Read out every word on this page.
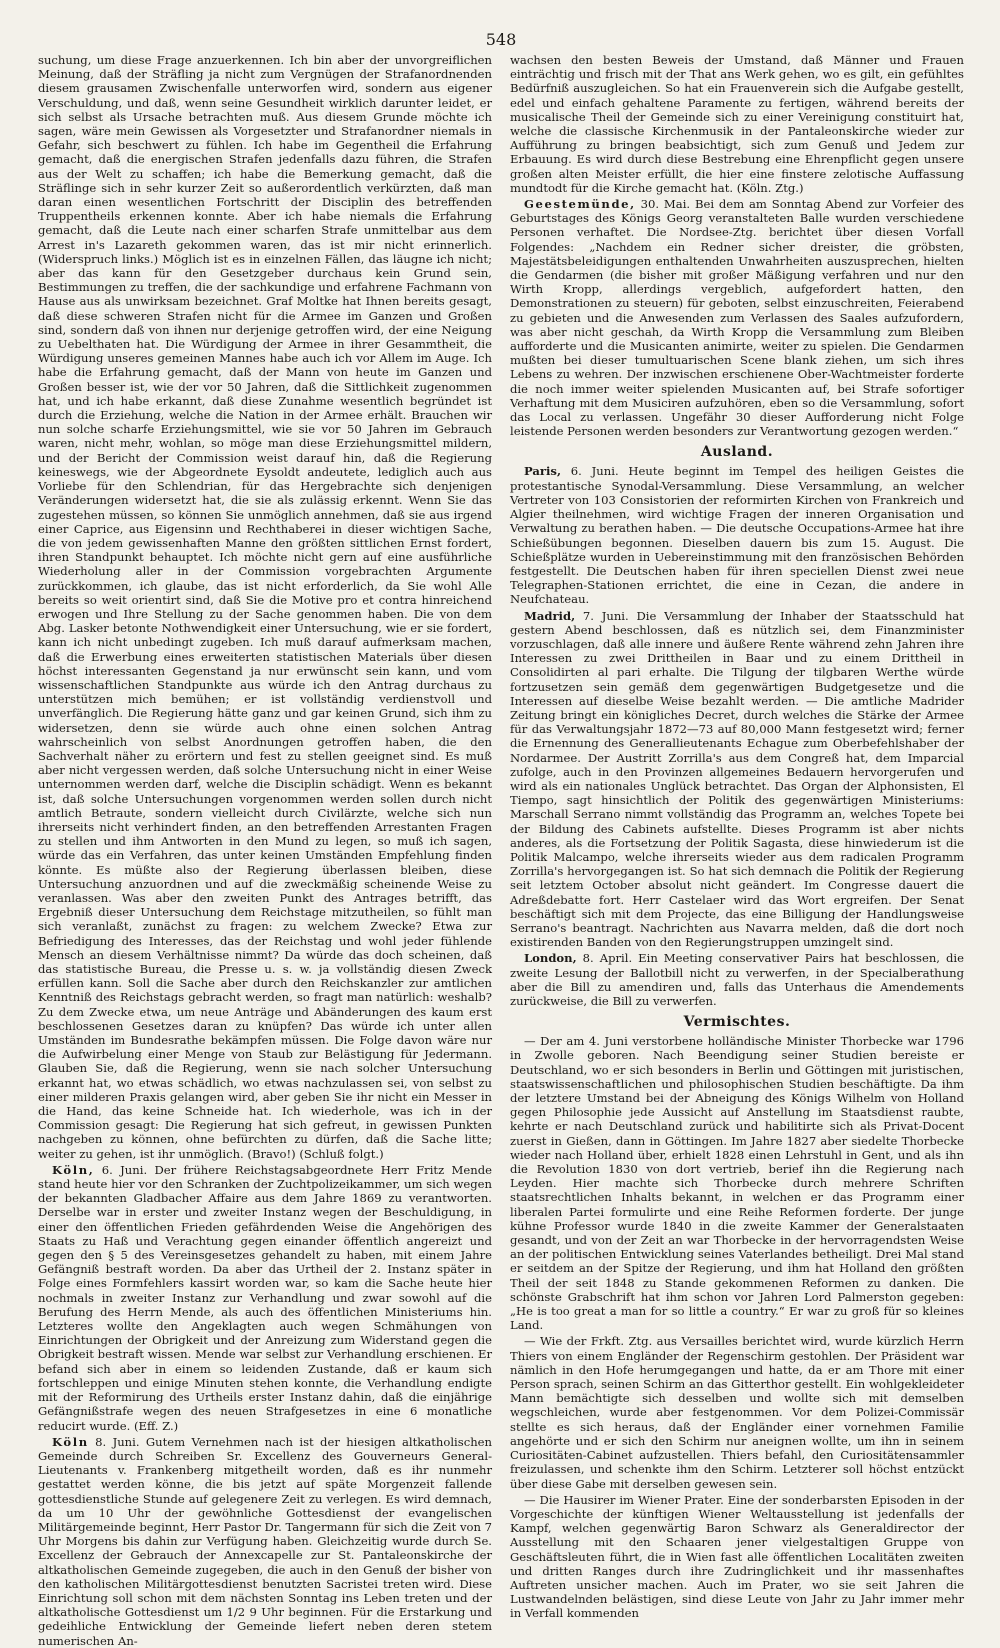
548

suchung, um diese Frage anzuerkennen. Ich bin aber der unvorgreiflichen Meinung, daß der Sträfling ja nicht zum Vergnügen der Strafanordnenden diesem grausamen Zwischenfalle unterworfen wird, sondern aus eigener Verschuldung, und daß, wenn seine Gesundheit wirklich darunter leidet, er sich selbst als Ursache betrachten muß. Aus diesem Grunde möchte ich sagen, wäre mein Gewissen als Vorgesetzter und Strafanordner niemals in Gefahr, sich beschwert zu fühlen. Ich habe im Gegentheil die Erfahrung gemacht, daß die energischen Strafen jedenfalls dazu führen, die Strafen aus der Welt zu schaffen; ich habe die Bemerkung gemacht, daß die Sträflinge sich in sehr kurzer Zeit so außerordentlich verkürzten, daß man daran einen wesentlichen Fortschritt der Disciplin des betreffenden Truppentheils erkennen konnte. Aber ich habe niemals die Erfahrung gemacht, daß die Leute nach einer scharfen Strafe unmittelbar aus dem Arrest in's Lazareth gekommen waren, das ist mir nicht erinnerlich. (Widerspruch links.) Möglich ist es in einzelnen Fällen, das läugne ich nicht; aber das kann für den Gesetzgeber durchaus kein Grund sein, Bestimmungen zu treffen, die der sachkundige und erfahrene Fachmann von Hause aus als unwirksam bezeichnet. Graf Moltke hat Ihnen bereits gesagt, daß diese schweren Strafen nicht für die Armee im Ganzen und Großen sind, sondern daß von ihnen nur derjenige getroffen wird, der eine Neigung zu Uebelthaten hat. Die Würdigung der Armee in ihrer Gesammtheit, die Würdigung unseres gemeinen Mannes habe auch ich vor Allem im Auge. Ich habe die Erfahrung gemacht, daß der Mann von heute im Ganzen und Großen besser ist, wie der vor 50 Jahren, daß die Sittlichkeit zugenommen hat, und ich habe erkannt, daß diese Zunahme wesentlich begründet ist durch die Erziehung, welche die Nation in der Armee erhält. Brauchen wir nun solche scharfe Erziehungsmittel, wie sie vor 50 Jahren im Gebrauch waren, nicht mehr, wohlan, so möge man diese Erziehungsmittel mildern, und der Bericht der Commission weist darauf hin, daß die Regierung keineswegs, wie der Abgeordnete Eysoldt andeutete, lediglich auch aus Vorliebe für den Schlendrian, für das Hergebrachte sich denjenigen Veränderungen widersetzt hat, die sie als zulässig erkennt. Wenn Sie das zugestehen müssen, so können Sie unmöglich annehmen, daß sie aus irgend einer Caprice, aus Eigensinn und Rechthaberei in dieser wichtigen Sache, die von jedem gewissenhaften Manne den größten sittlichen Ernst fordert, ihren Standpunkt behauptet. Ich möchte nicht gern auf eine ausführliche Wiederholung aller in der Commission vorgebrachten Argumente zurückkommen, ich glaube, das ist nicht erforderlich, da Sie wohl Alle bereits so weit orientirt sind, daß Sie die Motive pro et contra hinreichend erwogen und Ihre Stellung zu der Sache genommen haben. Die von dem Abg. Lasker betonte Nothwendigkeit einer Untersuchung, wie er sie fordert, kann ich nicht unbedingt zugeben. Ich muß darauf aufmerksam machen, daß die Erwerbung eines erweiterten statistischen Materials über diesen höchst interessanten Gegenstand ja nur erwünscht sein kann, und vom wissenschaftlichen Standpunkte aus würde ich den Antrag durchaus zu unterstützen mich bemühen; er ist vollständig verdienstvoll und unverfänglich. Die Regierung hätte ganz und gar keinen Grund, sich ihm zu widersetzen, denn sie würde auch ohne einen solchen Antrag wahrscheinlich von selbst Anordnungen getroffen haben, die den Sachverhalt näher zu erörtern und fest zu stellen geeignet sind. Es muß aber nicht vergessen werden, daß solche Untersuchung nicht in einer Weise unternommen werden darf, welche die Disciplin schädigt. Wenn es bekannt ist, daß solche Untersuchungen vorgenommen werden sollen durch nicht amtlich Betraute, sondern vielleicht durch Civilärzte, welche sich nun ihrerseits nicht verhindert finden, an den betreffenden Arrestanten Fragen zu stellen und ihm Antworten in den Mund zu legen, so muß ich sagen, würde das ein Verfahren, das unter keinen Umständen Empfehlung finden könnte. Es müßte also der Regierung überlassen bleiben, diese Untersuchung anzuordnen und auf die zweckmäßig scheinende Weise zu veranlassen. Was aber den zweiten Punkt des Antrages betrifft, das Ergebniß dieser Untersuchung dem Reichstage mitzutheilen, so fühlt man sich veranlaßt, zunächst zu fragen: zu welchem Zwecke? Etwa zur Befriedigung des Interesses, das der Reichstag und wohl jeder fühlende Mensch an diesem Verhältnisse nimmt? Da würde das doch scheinen, daß das statistische Bureau, die Presse u. s. w. ja vollständig diesen Zweck erfüllen kann. Soll die Sache aber durch den Reichskanzler zur amtlichen Kenntniß des Reichstags gebracht werden, so fragt man natürlich: weshalb? Zu dem Zwecke etwa, um neue Anträge und Abänderungen des kaum erst beschlossenen Gesetzes daran zu knüpfen? Das würde ich unter allen Umständen im Bundesrathe bekämpfen müssen. Die Folge davon wäre nur die Aufwirbelung einer Menge von Staub zur Belästigung für Jedermann. Glauben Sie, daß die Regierung, wenn sie nach solcher Untersuchung erkannt hat, wo etwas schädlich, wo etwas nachzulassen sei, von selbst zu einer milderen Praxis gelangen wird, aber geben Sie ihr nicht ein Messer in die Hand, das keine Schneide hat. Ich wiederhole, was ich in der Commission gesagt: Die Regierung hat sich gefreut, in gewissen Punkten nachgeben zu können, ohne befürchten zu dürfen, daß die Sache litte; weiter zu gehen, ist ihr unmöglich. (Bravo!) (Schluß folgt.)

Köln, 6. Juni. Der frühere Reichstagsabgeordnete Herr Fritz Mende stand heute hier vor den Schranken der Zuchtpolizeikammer, um sich wegen der bekannten Gladbacher Affaire aus dem Jahre 1869 zu verantworten. Derselbe war in erster und zweiter Instanz wegen der Beschuldigung, in einer den öffentlichen Frieden gefährdenden Weise die Angehörigen des Staats zu Haß und Verachtung gegen einander öffentlich angereizt und gegen den § 5 des Vereinsgesetzes gehandelt zu haben, mit einem Jahre Gefängniß bestraft worden. Da aber das Urtheil der 2. Instanz später in Folge eines Formfehlers kassirt worden war, so kam die Sache heute hier nochmals in zweiter Instanz zur Verhandlung und zwar sowohl auf die Berufung des Herrn Mende, als auch des öffentlichen Ministeriums hin. Letzteres wollte den Angeklagten auch wegen Schmähungen von Einrichtungen der Obrigkeit und der Anreizung zum Widerstand gegen die Obrigkeit bestraft wissen. Mende war selbst zur Verhandlung erschienen. Er befand sich aber in einem so leidenden Zustande, daß er kaum sich fortschleppen und einige Minuten stehen konnte, die Verhandlung endigte mit der Reformirung des Urtheils erster Instanz dahin, daß die einjährige Gefängnißstrafe wegen des neuen Strafgesetzes in eine 6 monatliche reducirt wurde. (Eff. Z.)

Köln 8. Juni. Gutem Vernehmen nach ist der hiesigen altkatholischen Gemeinde durch Schreiben Sr. Excellenz des Gouverneurs General-Lieutenants v. Frankenberg mitgetheilt worden, daß es ihr nunmehr gestattet werden könne, die bis jetzt auf späte Morgenzeit fallende gottesdienstliche Stunde auf gelegenere Zeit zu verlegen. Es wird demnach, da um 10 Uhr der gewöhnliche Gottesdienst der evangelischen Militärgemeinde beginnt, Herr Pastor Dr. Tangermann für sich die Zeit von 7 Uhr Morgens bis dahin zur Verfügung haben. Gleichzeitig wurde durch Se. Excellenz der Gebrauch der Annexcapelle zur St. Pantaleonskirche der altkatholischen Gemeinde zugegeben, die auch in den Genuß der bisher von den katholischen Militärgottesdienst benutzten Sacristei treten wird. Diese Einrichtung soll schon mit dem nächsten Sonntag ins Leben treten und der altkatholische Gottesdienst um 1/2 9 Uhr beginnen. Für die Erstarkung und gedeihliche Entwicklung der Gemeinde liefert neben deren stetem numerischen An-

wachsen den besten Beweis der Umstand, daß Männer und Frauen einträchtig und frisch mit der That ans Werk gehen, wo es gilt, ein gefühltes Bedürfniß auszugleichen. So hat ein Frauenverein sich die Aufgabe gestellt, edel und einfach gehaltene Paramente zu fertigen, während bereits der musicalische Theil der Gemeinde sich zu einer Vereinigung constituirt hat, welche die classische Kirchenmusik in der Pantaleonskirche wieder zur Aufführung zu bringen beabsichtigt, sich zum Genuß und Jedem zur Erbauung. Es wird durch diese Bestrebung eine Ehrenpflicht gegen unsere großen alten Meister erfüllt, die hier eine finstere zelotische Auffassung mundtodt für die Kirche gemacht hat. (Köln. Ztg.)

Geestemünde, 30. Mai. Bei dem am Sonntag Abend zur Vorfeier des Geburtstages des Königs Georg veranstalteten Balle wurden verschiedene Personen verhaftet. Die Nordsee-Ztg. berichtet über diesen Vorfall Folgendes: „Nachdem ein Redner sicher dreister, die gröbsten, Majestätsbeleidigungen enthaltenden Unwahrheiten auszusprechen, hielten die Gendarmen (die bisher mit großer Mäßigung verfahren und nur den Wirth Kropp, allerdings vergeblich, aufgefordert hatten, den Demonstrationen zu steuern) für geboten, selbst einzuschreiten, Feierabend zu gebieten und die Anwesenden zum Verlassen des Saales aufzufordern, was aber nicht geschah, da Wirth Kropp die Versammlung zum Bleiben aufforderte und die Musicanten animirte, weiter zu spielen. Die Gendarmen mußten bei dieser tumultuarischen Scene blank ziehen, um sich ihres Lebens zu wehren. Der inzwischen erschienene Ober-Wachtmeister forderte die noch immer weiter spielenden Musicanten auf, bei Strafe sofortiger Verhaftung mit dem Musiciren aufzuhören, eben so die Versammlung, sofort das Local zu verlassen. Ungefähr 30 dieser Aufforderung nicht Folge leistende Personen werden besonders zur Verantwortung gezogen werden.“

Ausland.

Paris, 6. Juni. Heute beginnt im Tempel des heiligen Geistes die protestantische Synodal-Versammlung. Diese Versammlung, an welcher Vertreter von 103 Consistorien der reformirten Kirchen von Frankreich und Algier theilnehmen, wird wichtige Fragen der inneren Organisation und Verwaltung zu berathen haben. — Die deutsche Occupations-Armee hat ihre Schießübungen begonnen. Dieselben dauern bis zum 15. August. Die Schießplätze wurden in Uebereinstimmung mit den französischen Behörden festgestellt. Die Deutschen haben für ihren speciellen Dienst zwei neue Telegraphen-Stationen errichtet, die eine in Cezan, die andere in Neufchateau.

Madrid, 7. Juni. Die Versammlung der Inhaber der Staatsschuld hat gestern Abend beschlossen, daß es nützlich sei, dem Finanzminister vorzuschlagen, daß alle innere und äußere Rente während zehn Jahren ihre Interessen zu zwei Drittheilen in Baar und zu einem Drittheil in Consolidirten al pari erhalte. Die Tilgung der tilgbaren Werthe würde fortzusetzen sein gemäß dem gegenwärtigen Budgetgesetze und die Interessen auf dieselbe Weise bezahlt werden. — Die amtliche Madrider Zeitung bringt ein königliches Decret, durch welches die Stärke der Armee für das Verwaltungsjahr 1872—73 auf 80,000 Mann festgesetzt wird; ferner die Ernennung des Generallieutenants Echague zum Oberbefehlshaber der Nordarmee. Der Austritt Zorrilla's aus dem Congreß hat, dem Imparcial zufolge, auch in den Provinzen allgemeines Bedauern hervorgerufen und wird als ein nationales Unglück betrachtet. Das Organ der Alphonsisten, El Tiempo, sagt hinsichtlich der Politik des gegenwärtigen Ministeriums: Marschall Serrano nimmt vollständig das Programm an, welches Topete bei der Bildung des Cabinets aufstellte. Dieses Programm ist aber nichts anderes, als die Fortsetzung der Politik Sagasta, diese hinwiederum ist die Politik Malcampo, welche ihrerseits wieder aus dem radicalen Programm Zorrilla's hervorgegangen ist. So hat sich demnach die Politik der Regierung seit letztem October absolut nicht geändert. Im Congresse dauert die Adreßdebatte fort. Herr Castelaer wird das Wort ergreifen. Der Senat beschäftigt sich mit dem Projecte, das eine Billigung der Handlungsweise Serrano's beantragt. Nachrichten aus Navarra melden, daß die dort noch existirenden Banden von den Regierungstruppen umzingelt sind.

London, 8. April. Ein Meeting conservativer Pairs hat beschlossen, die zweite Lesung der Ballotbill nicht zu verwerfen, in der Specialberathung aber die Bill zu amendiren und, falls das Unterhaus die Amendements zurückweise, die Bill zu verwerfen.

Vermischtes.

— Der am 4. Juni verstorbene holländische Minister Thorbecke war 1796 in Zwolle geboren. Nach Beendigung seiner Studien bereiste er Deutschland, wo er sich besonders in Berlin und Göttingen mit juristischen, staatswissenschaftlichen und philosophischen Studien beschäftigte. Da ihm der letztere Umstand bei der Abneigung des Königs Wilhelm von Holland gegen Philosophie jede Aussicht auf Anstellung im Staatsdienst raubte, kehrte er nach Deutschland zurück und habilitirte sich als Privat-Docent zuerst in Gießen, dann in Göttingen. Im Jahre 1827 aber siedelte Thorbecke wieder nach Holland über, erhielt 1828 einen Lehrstuhl in Gent, und als ihn die Revolution 1830 von dort vertrieb, berief ihn die Regierung nach Leyden. Hier machte sich Thorbecke durch mehrere Schriften staatsrechtlichen Inhalts bekannt, in welchen er das Programm einer liberalen Partei formulirte und eine Reihe Reformen forderte. Der junge kühne Professor wurde 1840 in die zweite Kammer der Generalstaaten gesandt, und von der Zeit an war Thorbecke in der hervorragendsten Weise an der politischen Entwicklung seines Vaterlandes betheiligt. Drei Mal stand er seitdem an der Spitze der Regierung, und ihm hat Holland den größten Theil der seit 1848 zu Stande gekommenen Reformen zu danken. Die schönste Grabschrift hat ihm schon vor Jahren Lord Palmerston gegeben: „He is too great a man for so little a country.“ Er war zu groß für so kleines Land.

— Wie der Frkft. Ztg. aus Versailles berichtet wird, wurde kürzlich Herrn Thiers von einem Engländer der Regenschirm gestohlen. Der Präsident war nämlich in den Hofe herumgegangen und hatte, da er am Thore mit einer Person sprach, seinen Schirm an das Gitterthor gestellt. Ein wohlgekleideter Mann bemächtigte sich desselben und wollte sich mit demselben wegschleichen, wurde aber festgenommen. Vor dem Polizei-Commissär stellte es sich heraus, daß der Engländer einer vornehmen Familie angehörte und er sich den Schirm nur aneignen wollte, um ihn in seinem Curiositäten-Cabinet aufzustellen. Thiers befahl, den Curiositätensammler freizulassen, und schenkte ihm den Schirm. Letzterer soll höchst entzückt über diese Gabe mit derselben gewesen sein.

— Die Hausirer im Wiener Prater. Eine der sonderbarsten Episoden in der Vorgeschichte der künftigen Wiener Weltausstellung ist jedenfalls der Kampf, welchen gegenwärtig Baron Schwarz als Generaldirector der Ausstellung mit den Schaaren jener vielgestaltigen Gruppe von Geschäftsleuten führt, die in Wien fast alle öffentlichen Localitäten zweiten und dritten Ranges durch ihre Zudringlichkeit und ihr massenhaftes Auftreten unsicher machen. Auch im Prater, wo sie seit Jahren die Lustwandelnden belästigen, sind diese Leute von Jahr zu Jahr immer mehr in Verfall kommenden
